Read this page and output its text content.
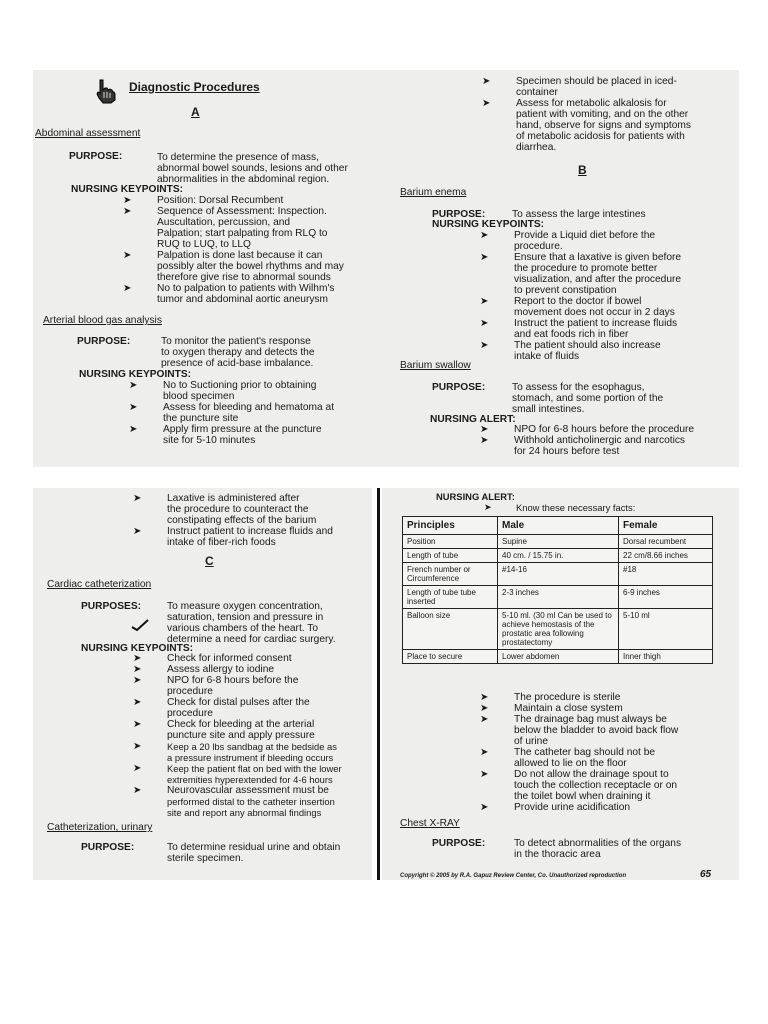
Diagnostic Procedures
A
Abdominal assessment
PURPOSE:	To determine the presence of mass,
abnormal bowel sounds, lesions and other
abnormalities in the abdominal region.
NURSING KEYPOINTS:
➤	Position: Dorsal Recumbent
➤	Sequence of Assessment: Inspection.
Auscultation, percussion, and
Palpation; start palpating from RLQ to
RUQ to LUQ, to LLQ
➤	Palpation is done last because it can
possibly alter the bowel rhythms and may
therefore give rise to abnormal sounds
➤	No to palpation to patients with Wilhm's
tumor and abdominal aortic aneurysm
Arterial blood gas analysis
PURPOSE:	To monitor the patient's response
to oxygen therapy and detects the
presence of acid-base imbalance.
NURSING KEYPOINTS:
➤	No to Suctioning prior to obtaining
blood specimen
➤	Assess for bleeding and hematoma at
the puncture site
➤	Apply firm pressure at the puncture
site for 5-10 minutes
➤	Specimen should be placed in iced-
container
➤	Assess for metabolic alkalosis for
patient with vomiting, and on the other
hand, observe for signs and symptoms
of metabolic acidosis for patients with
diarrhea.
B
Barium enema
PURPOSE:	To assess the large intestines
NURSING KEYPOINTS:
➤	Provide a Liquid diet before the
procedure.
➤	Ensure that a laxative is given before
the procedure to promote better
visualization, and after the procedure
to prevent constipation
➤	Report to the doctor if bowel
movement does not occur in 2 days
➤	Instruct the patient to increase fluids
and eat foods rich in fiber
➤	The patient should also increase
intake of fluids
Barium swallow
PURPOSE:	To assess for the esophagus,
stomach, and some portion of the
small intestines.
NURSING ALERT:
➤	NPO for 6-8 hours before the procedure
➤	Withhold anticholinergic and narcotics
for 24 hours before test
➤	Laxative is administered after
the procedure to counteract the
constipating effects of the barium
➤	Instruct patient to increase fluids and
intake of fiber-rich foods
C
Cardiac catheterization
PURPOSES:	To measure oxygen concentration,
saturation, tension and pressure in
various chambers of the heart. To
determine a need for cardiac surgery.
NURSING KEYPOINTS:
➤	Check for informed consent
➤	Assess allergy to iodine
➤	NPO for 6-8 hours before the
procedure
➤	Check for distal pulses after the
procedure
➤	Check for bleeding at the arterial
puncture site and apply pressure
➤	Keep a 20 lbs sandbag at the bedside as
a pressure instrument if bleeding occurs
➤	Keep the patient flat on bed with the lower
extremities hyperextended for 4-6 hours
➤	Neurovascular assessment must be
performed distal to the catheter insertion
site and report any abnormal findings
Catheterization, urinary
PURPOSE:	To determine residual urine and obtain
sterile specimen.
NURSING ALERT:
➤	Know these necessary facts:
Principles	Male	Female
Position	Supine	Dorsal recumbent
Length of tube	40 cm. / 15.75 in.	22 cm/8.66 inches
French number or Circumference	#14-16	#18
Length of tube tube inserted	2-3 inches	6-9 inches
Balloon size	5-10 ml. (30 ml Can be used to achieve hemostasis of the prostatic area following prostatectomy	5-10 ml
Place to secure	Lower abdomen	Inner thigh
➤	The procedure is sterile
➤	Maintain a close system
➤	The drainage bag must always be
below the bladder to avoid back flow
of urine
➤	The catheter bag should not be
allowed to lie on the floor
➤	Do not allow the drainage spout to
touch the collection receptacle or on
the toilet bowl when draining it
➤	Provide urine acidification
Chest X-RAY
PURPOSE:	To detect abnormalities of the organs
in the thoracic area
Copyright © 2005 by R.A. Gapuz Review Center, Co. Unauthorized reproduction	65
